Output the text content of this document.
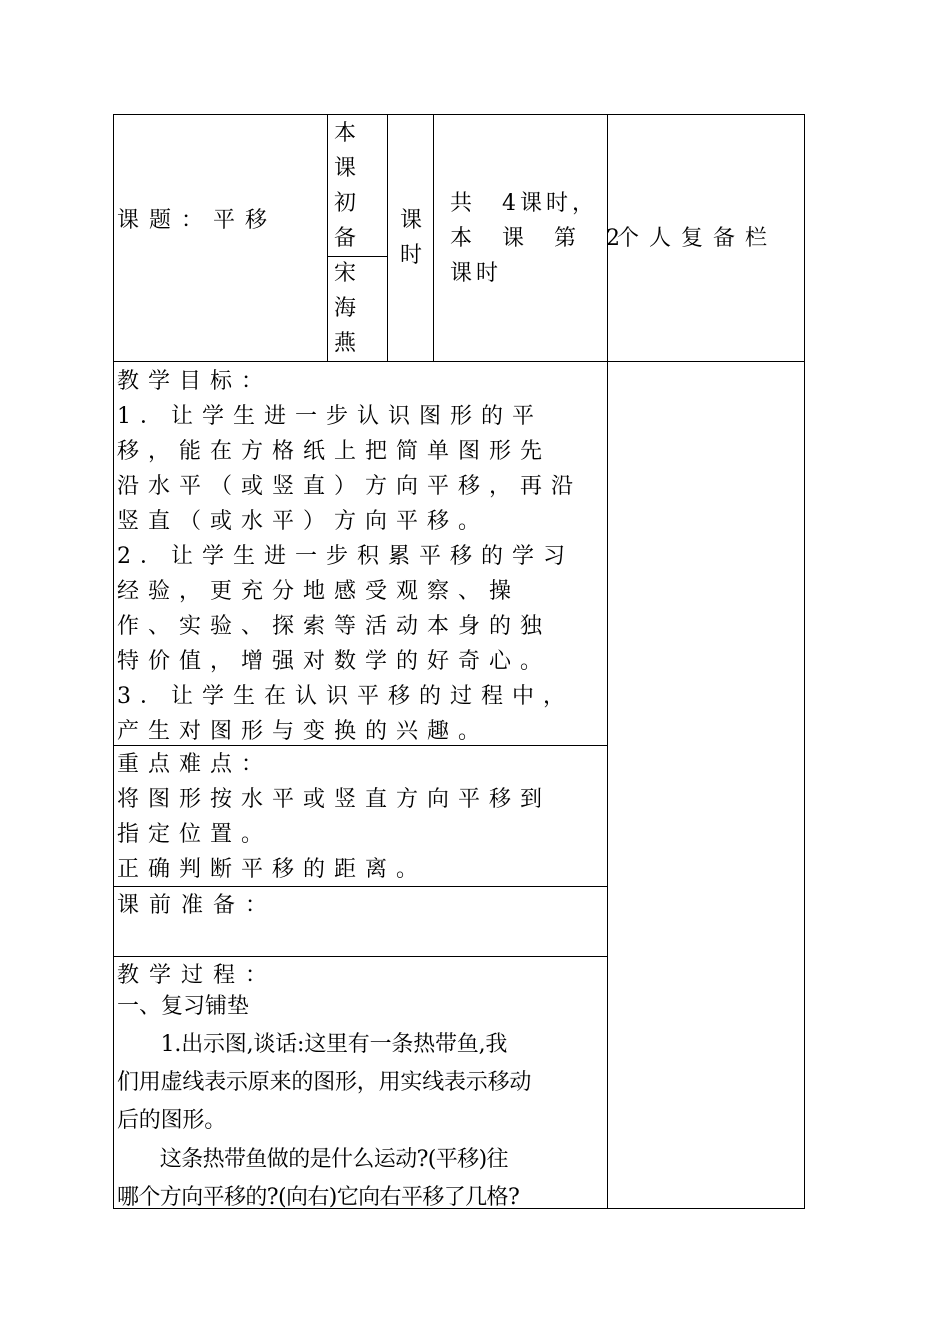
课题：平移
本
课
初
备
宋
海
燕
课
时
共　4课时，
本　课　第　2
课时
个人复备栏

教学目标：

1．让学生进一步认识图形的平

移，能在方格纸上把简单图形先

沿水平（或竖直）方向平移，再沿

竖直（或水平）方向平移。

2．让学生进一步积累平移的学习

经验，更充分地感受观察、操

作、实验、探索等活动本身的独

特价值，增强对数学的好奇心。

3．让学生在认识平移的过程中，

产生对图形与变换的兴趣。

重点难点：

将图形按水平或竖直方向平移到

指定位置。

正确判断平移的距离。

课前准备：
教学过程：
一、复习铺垫

　　1.出示图,谈话:这里有一条热带鱼,我

们用虚线表示原来的图形，用实线表示移动

后的图形。

　　这条热带鱼做的是什么运动?(平移)往

哪个方向平移的?(向右)它向右平移了几格?
